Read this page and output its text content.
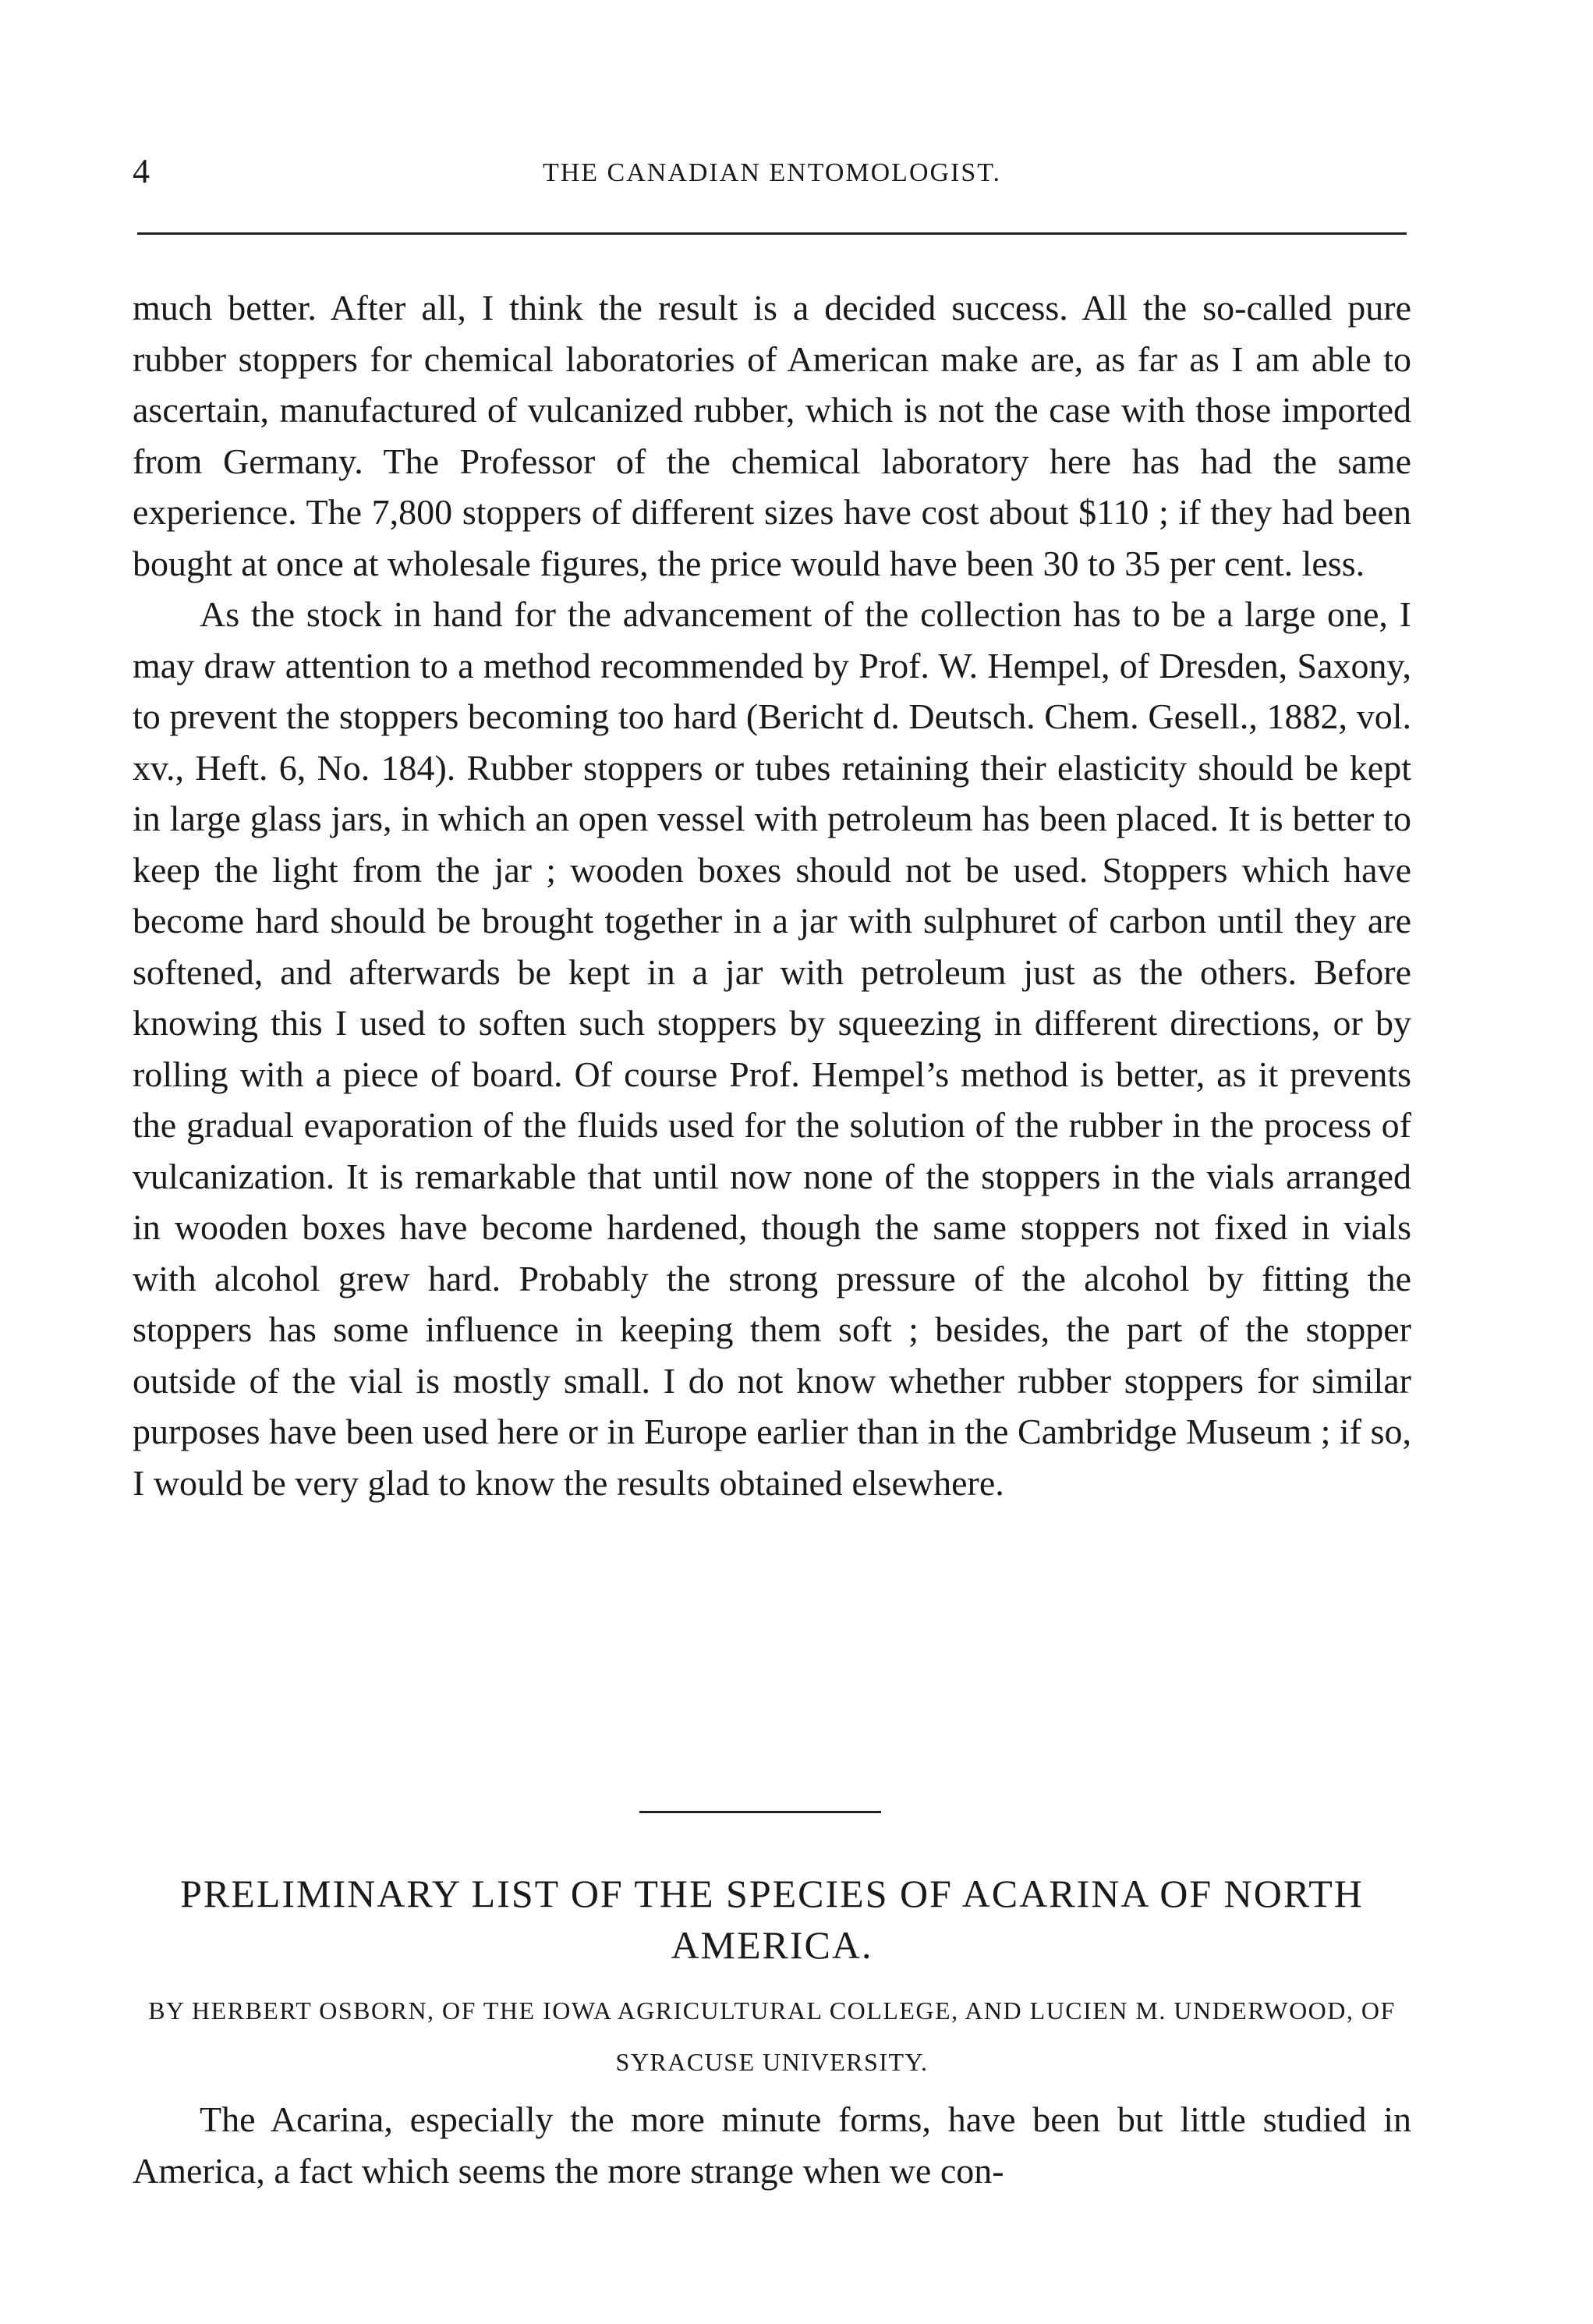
4	THE CANADIAN ENTOMOLOGIST.

much better. After all, I think the result is a decided success. All the so-called pure rubber stoppers for chemical laboratories of American make are, as far as I am able to ascertain, manufactured of vulcanized rubber, which is not the case with those imported from Germany. The Professor of the chemical laboratory here has had the same experience. The 7,800 stoppers of different sizes have cost about $110 ; if they had been bought at once at wholesale figures, the price would have been 30 to 35 per cent. less.

As the stock in hand for the advancement of the collection has to be a large one, I may draw attention to a method recommended by Prof. W. Hempel, of Dresden, Saxony, to prevent the stoppers becoming too hard (Bericht d. Deutsch. Chem. Gesell., 1882, vol. xv., Heft. 6, No. 184). Rubber stoppers or tubes retaining their elasticity should be kept in large glass jars, in which an open vessel with petroleum has been placed. It is better to keep the light from the jar ; wooden boxes should not be used. Stoppers which have become hard should be brought together in a jar with sulphuret of carbon until they are softened, and afterwards be kept in a jar with petroleum just as the others. Before knowing this I used to soften such stoppers by squeezing in different directions, or by rolling with a piece of board. Of course Prof. Hempel’s method is better, as it prevents the gradual evaporation of the fluids used for the solution of the rubber in the process of vulcanization. It is remarkable that until now none of the stoppers in the vials arranged in wooden boxes have become hardened, though the same stoppers not fixed in vials with alcohol grew hard. Probably the strong pressure of the alcohol by fitting the stoppers has some influence in keeping them soft ; besides, the part of the stopper outside of the vial is mostly small. I do not know whether rubber stoppers for similar purposes have been used here or in Europe earlier than in the Cambridge Museum ; if so, I would be very glad to know the results obtained elsewhere.

PRELIMINARY LIST OF THE SPECIES OF ACARINA OF NORTH AMERICA.

BY HERBERT OSBORN, OF THE IOWA AGRICULTURAL COLLEGE, AND LUCIEN M. UNDERWOOD, OF SYRACUSE UNIVERSITY.

The Acarina, especially the more minute forms, have been but little studied in America, a fact which seems the more strange when we con-
